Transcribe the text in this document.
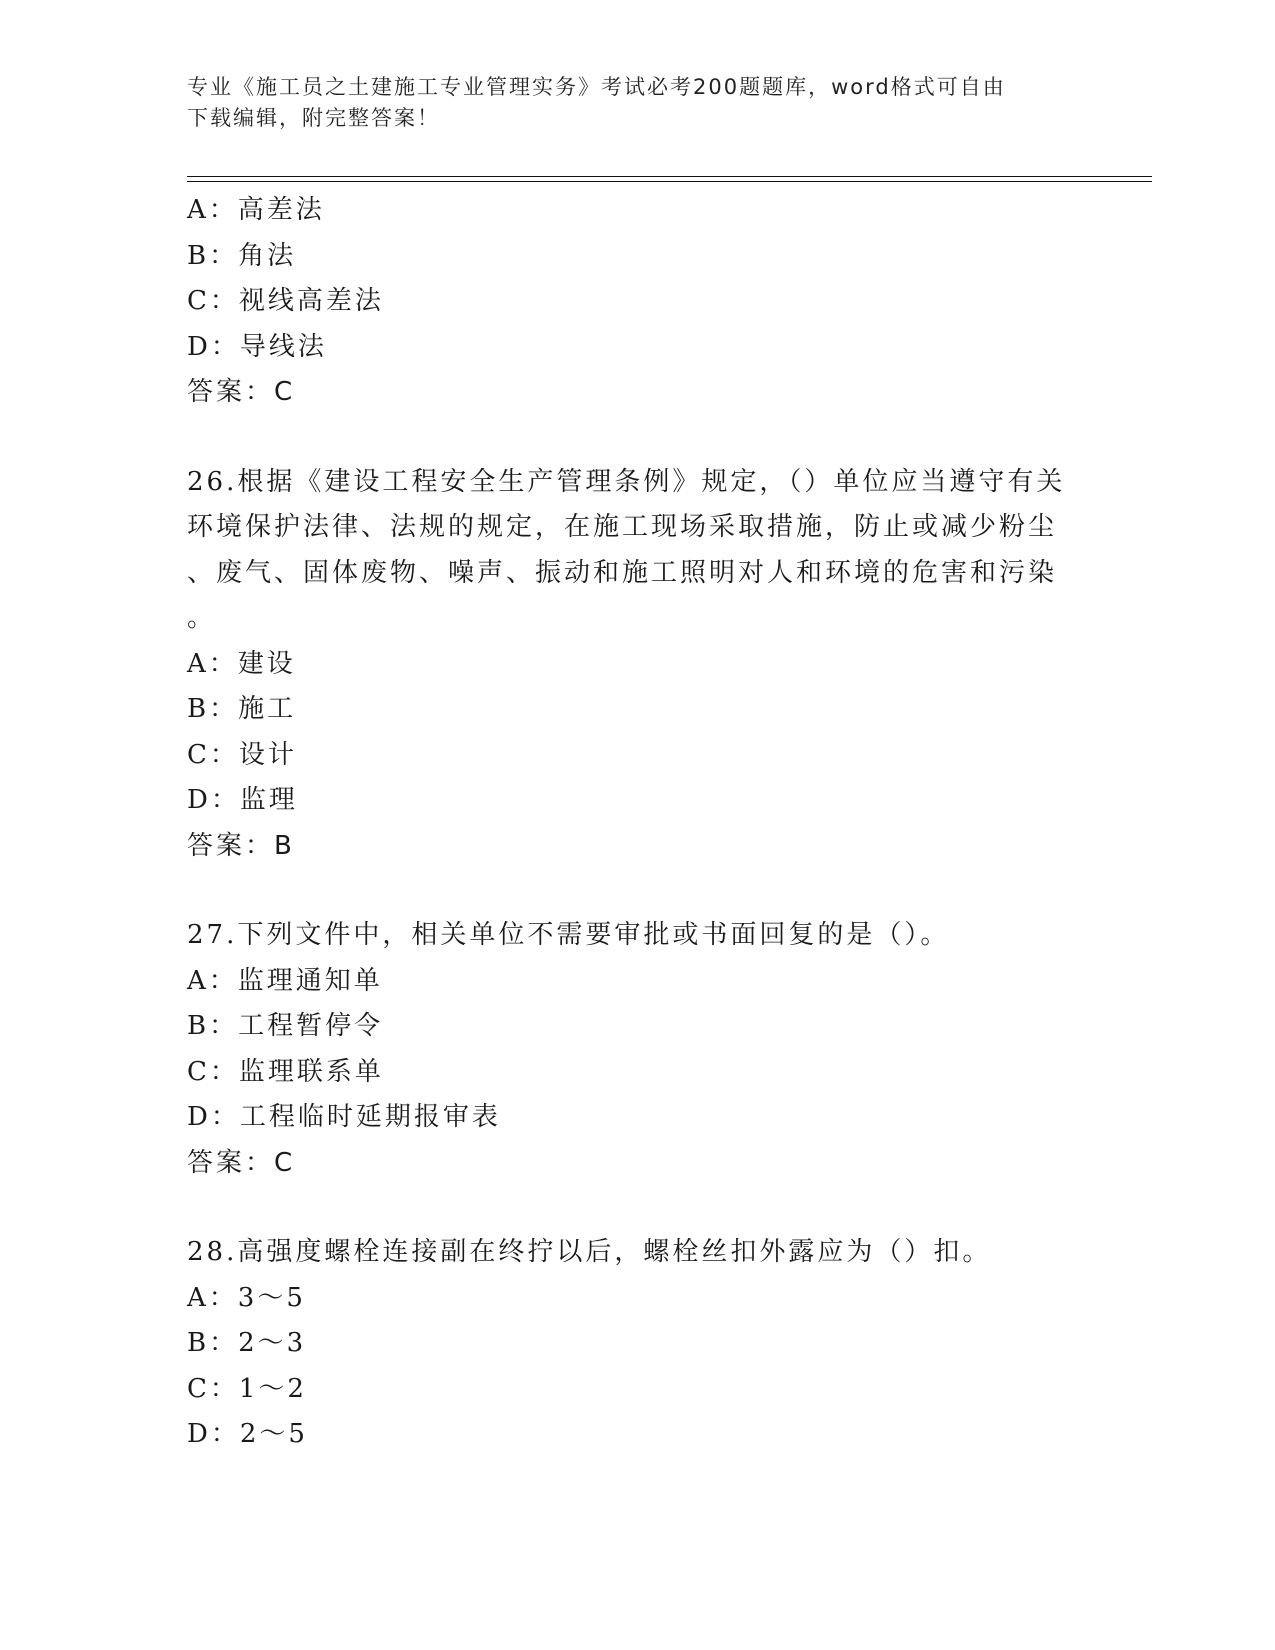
专业《施工员之土建施工专业管理实务》考试必考200题题库，word格式可自由
下载编辑，附完整答案！
A：高差法
B：角法
C：视线高差法
D：导线法
答案：C
26.根据《建设工程安全生产管理条例》规定，（）单位应当遵守有关
环境保护法律、法规的规定，在施工现场采取措施，防止或减少粉尘
、废气、固体废物、噪声、振动和施工照明对人和环境的危害和污染
。
A：建设
B：施工
C：设计
D：监理
答案：B
27.下列文件中，相关单位不需要审批或书面回复的是（）。
A：监理通知单
B：工程暂停令
C：监理联系单
D：工程临时延期报审表
答案：C
28.高强度螺栓连接副在终拧以后，螺栓丝扣外露应为（）扣。
A：3～5
B：2～3
C：1～2
D：2～5
